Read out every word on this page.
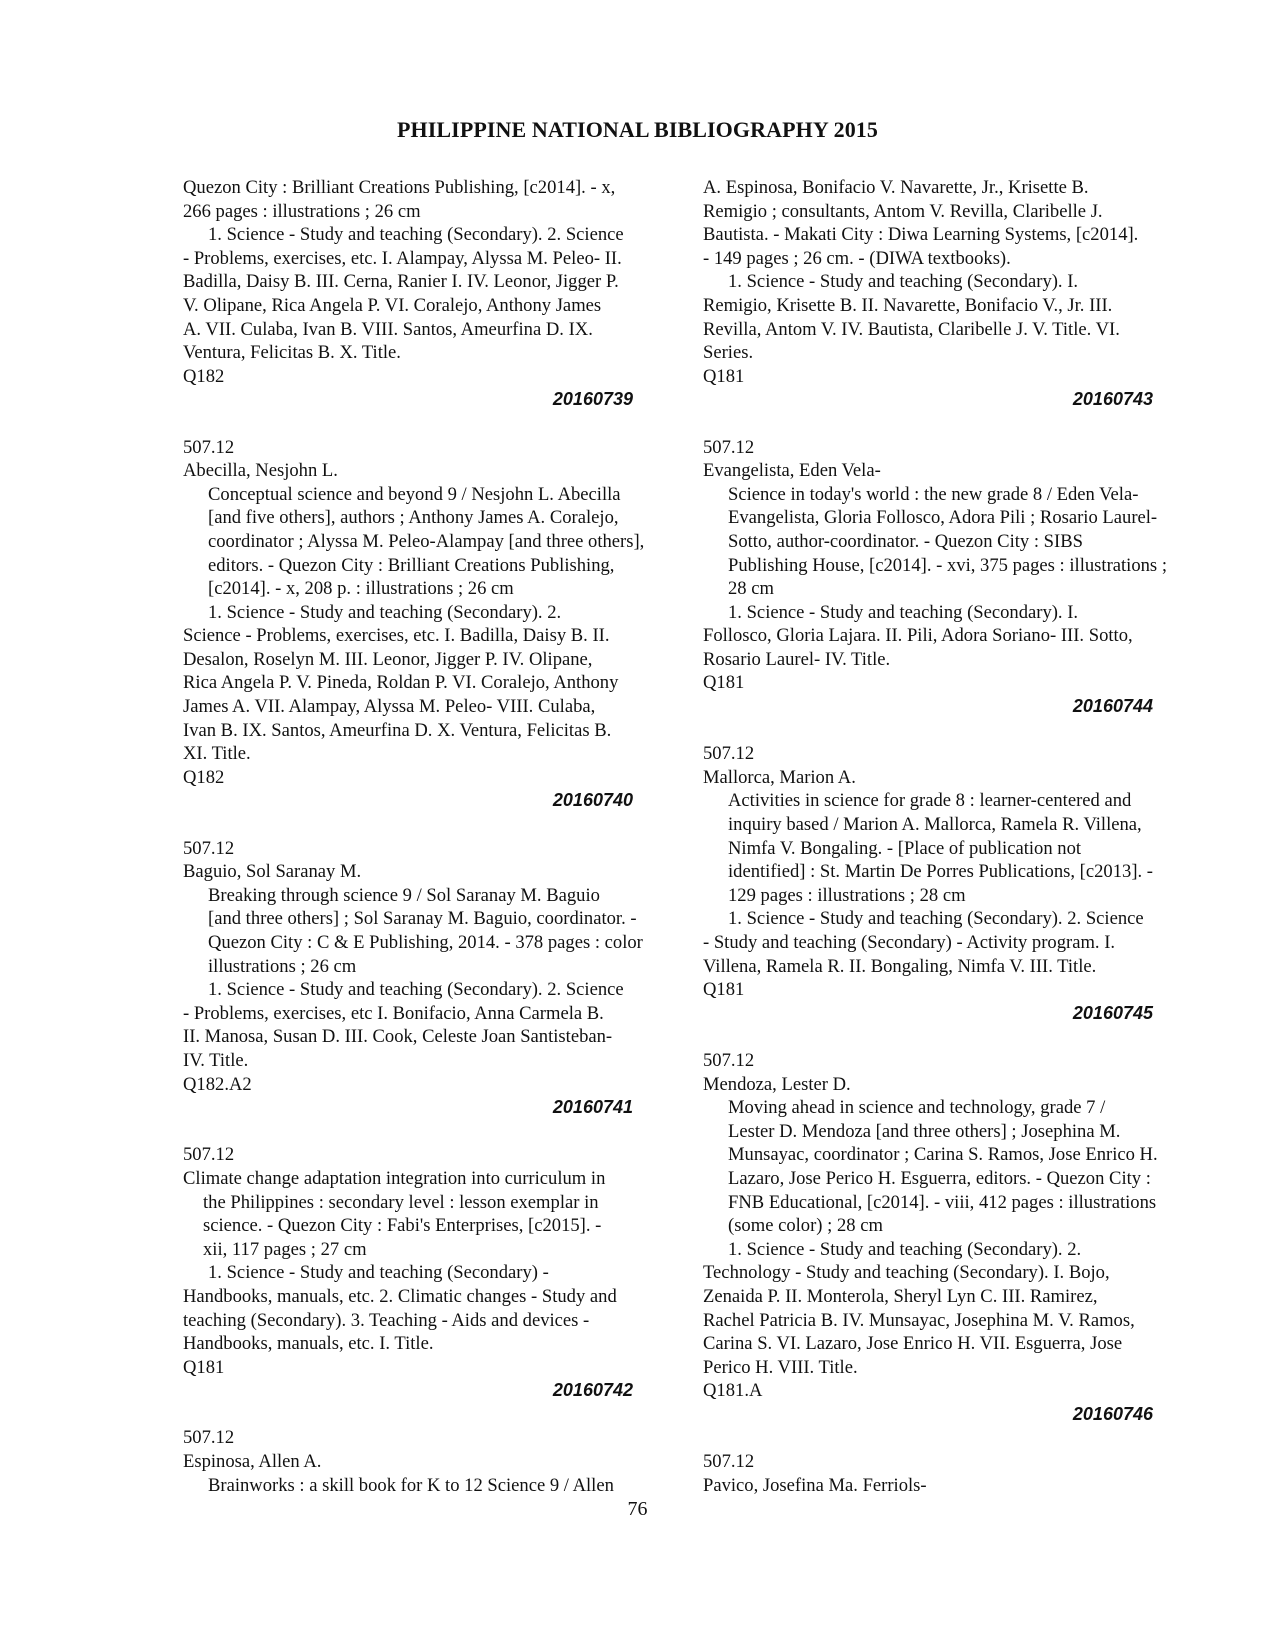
PHILIPPINE NATIONAL BIBLIOGRAPHY 2015
Quezon City : Brilliant Creations Publishing, [c2014]. - x,
266 pages : illustrations ; 26 cm
1. Science - Study and teaching (Secondary). 2. Science
- Problems, exercises, etc. I. Alampay, Alyssa M. Peleo- II.
Badilla, Daisy B. III. Cerna, Ranier I. IV. Leonor, Jigger P.
V. Olipane, Rica Angela P. VI. Coralejo, Anthony James
A. VII. Culaba, Ivan B. VIII. Santos, Ameurfina D. IX.
Ventura, Felicitas B. X. Title.
Q182
20160739
507.12
Abecilla, Nesjohn L.
Conceptual science and beyond 9 / Nesjohn L. Abecilla
[and five others], authors ; Anthony James A. Coralejo,
coordinator ; Alyssa M. Peleo-Alampay [and three others],
editors. - Quezon City : Brilliant Creations Publishing,
[c2014]. - x, 208 p. : illustrations ; 26 cm
1. Science - Study and teaching (Secondary). 2.
Science - Problems, exercises, etc. I. Badilla, Daisy B. II.
Desalon, Roselyn M. III. Leonor, Jigger P. IV. Olipane,
Rica Angela P. V. Pineda, Roldan P. VI. Coralejo, Anthony
James A. VII. Alampay, Alyssa M. Peleo- VIII. Culaba,
Ivan B. IX. Santos, Ameurfina D. X. Ventura, Felicitas B.
XI. Title.
Q182
20160740
507.12
Baguio, Sol Saranay M.
Breaking through science 9 / Sol Saranay M. Baguio
[and three others] ; Sol Saranay M. Baguio, coordinator. -
Quezon City : C & E Publishing, 2014. - 378 pages : color
illustrations ; 26 cm
1. Science - Study and teaching (Secondary). 2. Science
- Problems, exercises, etc I. Bonifacio, Anna Carmela B.
II. Manosa, Susan D. III. Cook, Celeste Joan Santisteban-
IV. Title.
Q182.A2
20160741
507.12
Climate change adaptation integration into curriculum in
the Philippines : secondary level : lesson exemplar in
science. - Quezon City : Fabi's Enterprises, [c2015]. -
xii, 117 pages ; 27 cm
1. Science - Study and teaching (Secondary) -
Handbooks, manuals, etc. 2. Climatic changes - Study and
teaching (Secondary). 3. Teaching - Aids and devices -
Handbooks, manuals, etc. I. Title.
Q181
20160742
507.12
Espinosa, Allen A.
Brainworks : a skill book for K to 12 Science 9 / Allen
A. Espinosa, Bonifacio V. Navarette, Jr., Krisette B.
Remigio ; consultants, Antom V. Revilla, Claribelle J.
Bautista. - Makati City : Diwa Learning Systems, [c2014].
- 149 pages ; 26 cm. - (DIWA textbooks).
1. Science - Study and teaching (Secondary). I.
Remigio, Krisette B. II. Navarette, Bonifacio V., Jr. III.
Revilla, Antom V. IV. Bautista, Claribelle J. V. Title. VI.
Series.
Q181
20160743
507.12
Evangelista, Eden Vela-
Science in today's world : the new grade 8 / Eden Vela-
Evangelista, Gloria Follosco, Adora Pili ; Rosario Laurel-
Sotto, author-coordinator. - Quezon City : SIBS
Publishing House, [c2014]. - xvi, 375 pages : illustrations ;
28 cm
1. Science - Study and teaching (Secondary). I.
Follosco, Gloria Lajara. II. Pili, Adora Soriano- III. Sotto,
Rosario Laurel- IV. Title.
Q181
20160744
507.12
Mallorca, Marion A.
Activities in science for grade 8 : learner-centered and
inquiry based / Marion A. Mallorca, Ramela R. Villena,
Nimfa V. Bongaling. - [Place of publication not
identified] : St. Martin De Porres Publications, [c2013]. -
129 pages : illustrations ; 28 cm
1. Science - Study and teaching (Secondary). 2. Science
- Study and teaching (Secondary) - Activity program. I.
Villena, Ramela R. II. Bongaling, Nimfa V. III. Title.
Q181
20160745
507.12
Mendoza, Lester D.
Moving ahead in science and technology, grade 7 /
Lester D. Mendoza [and three others] ; Josephina M.
Munsayac, coordinator ; Carina S. Ramos, Jose Enrico H.
Lazaro, Jose Perico H. Esguerra, editors. - Quezon City :
FNB Educational, [c2014]. - viii, 412 pages : illustrations
(some color) ; 28 cm
1. Science - Study and teaching (Secondary). 2.
Technology - Study and teaching (Secondary). I. Bojo,
Zenaida P. II. Monterola, Sheryl Lyn C. III. Ramirez,
Rachel Patricia B. IV. Munsayac, Josephina M. V. Ramos,
Carina S. VI. Lazaro, Jose Enrico H. VII. Esguerra, Jose
Perico H. VIII. Title.
Q181.A
20160746
507.12
Pavico, Josefina Ma. Ferriols-
76
